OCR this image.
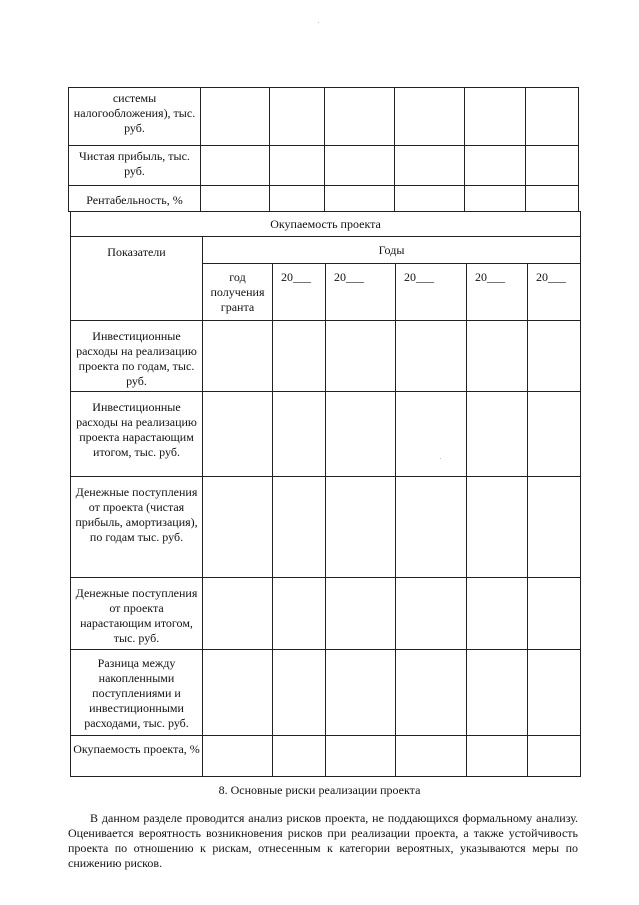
системы налогообложения), тыс. руб.						
Чистая прибыль, тыс. руб.						
Рентабельность, %						
Окупаемость проекта						
Показатели	Годы					
	год получения гранта	20___	20___	20___	20___	20___
Инвестиционные расходы на реализацию проекта по годам, тыс. руб.						
Инвестиционные расходы на реализацию проекта нарастающим итогом, тыс. руб.						
Денежные поступления от проекта (чистая прибыль, амортизация), по годам тыс. руб.						
Денежные поступления от проекта нарастающим итогом, тыс. руб.						
Разница между накопленными поступлениями и инвестиционными расходами, тыс. руб.						
Окупаемость проекта, %						
8. Основные риски реализации проекта
В данном разделе проводится анализ рисков проекта, не поддающихся формальному анализу. Оценивается вероятность возникновения рисков при реализации проекта, а также устойчивость проекта по отношению к рискам, отнесенным к категории вероятных, указываются меры по снижению рисков.
